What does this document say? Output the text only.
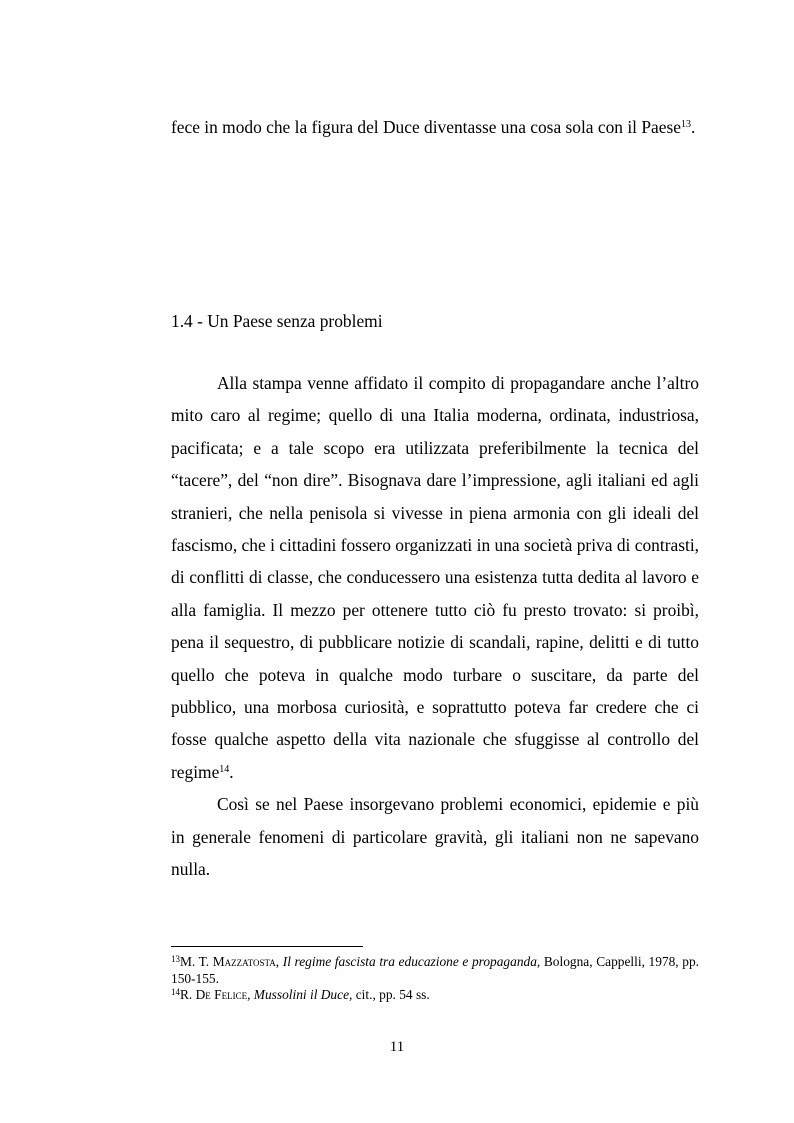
fece in modo che la figura del Duce diventasse una cosa sola con il Paese$^{13}$.
1.4 - Un Paese senza problemi

Alla stampa venne affidato il compito di propagandare anche l’altro mito caro al regime; quello di una Italia moderna, ordinata, industriosa, pacificata; e a tale scopo era utilizzata preferibilmente la tecnica del “tacere”, del “non dire”. Bisognava dare l’impressione, agli italiani ed agli stranieri, che nella penisola si vivesse in piena armonia con gli ideali del fascismo, che i cittadini fossero organizzati in una società priva di contrasti, di conflitti di classe, che conducessero una esistenza tutta dedita al lavoro e alla famiglia. Il mezzo per ottenere tutto ciò fu presto trovato: si proibì, pena il sequestro, di pubblicare notizie di scandali, rapine, delitti e di tutto quello che poteva in qualche modo turbare o suscitare, da parte del pubblico, una morbosa curiosità, e soprattutto poteva far credere che ci fosse qualche aspetto della vita nazionale che sfuggisse al controllo del regime$^{14}$.

Così se nel Paese insorgevano problemi economici, epidemie e più in generale fenomeni di particolare gravità, gli italiani non ne sapevano nulla.

$^{13}$M. T. Mazzatosta, Il regime fascista tra educazione e propaganda, Bologna, Cappelli, 1978, pp. 150-155.

$^{14}$R. De Felice, Mussolini il Duce, cit., pp. 54 ss.

11
